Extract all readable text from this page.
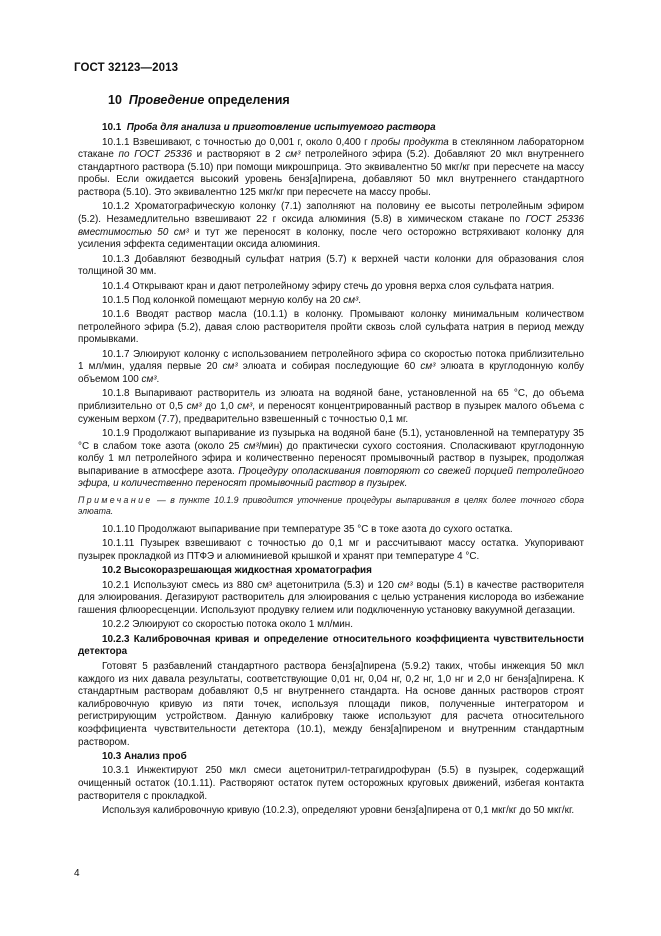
ГОСТ 32123—2013
10 Проведение определения
10.1 Проба для анализа и приготовление испытуемого раствора

10.1.1 Взвешивают, с точностью до 0,001 г, около 0,400 г пробы продукта в стеклянном лабораторном стакане по ГОСТ 25336 и растворяют в 2 см³ петролейного эфира (5.2). Добавляют 20 мкл внутреннего стандартного раствора (5.10) при помощи микрошприца. Это эквивалентно 50 мкг/кг при пересчете на массу пробы. Если ожидается высокий уровень бенз[а]пирена, добавляют 50 мкл внутреннего стандартного раствора (5.10). Это эквивалентно 125 мкг/кг при пересчете на массу пробы.

10.1.2 Хроматографическую колонку (7.1) заполняют на половину ее высоты петролейным эфиром (5.2). Незамедлительно взвешивают 22 г оксида алюминия (5.8) в химическом стакане по ГОСТ 25336 вместимостью 50 см³ и тут же переносят в колонку, после чего осторожно встряхивают колонку для усиления эффекта седиментации оксида алюминия.

10.1.3 Добавляют безводный сульфат натрия (5.7) к верхней части колонки для образования слоя толщиной 30 мм.

10.1.4 Открывают кран и дают петролейному эфиру стечь до уровня верха слоя сульфата натрия.

10.1.5 Под колонкой помещают мерную колбу на 20 см³.

10.1.6 Вводят раствор масла (10.1.1) в колонку. Промывают колонку минимальным количеством петролейного эфира (5.2), давая слою растворителя пройти сквозь слой сульфата натрия в период между промывками.

10.1.7 Элюируют колонку с использованием петролейного эфира со скоростью потока приблизительно 1 мл/мин, удаляя первые 20 см³ элюата и собирая последующие 60 см³ элюата в круглодонную колбу объемом 100 см³.

10.1.8 Выпаривают растворитель из элюата на водяной бане, установленной на 65 °С, до объема приблизительно от 0,5 см³ до 1,0 см³, и переносят концентрированный раствор в пузырек малого объема с суженым верхом (7.7), предварительно взвешенный с точностью 0,1 мг.

10.1.9 Продолжают выпаривание из пузырька на водяной бане (5.1), установленной на температуру 35 °С в слабом токе азота (около 25 см³/мин) до практически сухого состояния. Споласкивают круглодонную колбу 1 мл петролейного эфира и количественно переносят промывочный раствор в пузырек, продолжая выпаривание в атмосфере азота. Процедуру ополаскивания повторяют со свежей порцией петролейного эфира, и количественно переносят промывочный раствор в пузырек.

Примечание — в пункте 10.1.9 приводится уточнение процедуры выпаривания в целях более точного сбора элюата.

10.1.10 Продолжают выпаривание при температуре 35 °С в токе азота до сухого остатка.

10.1.11 Пузырек взвешивают с точностью до 0,1 мг и рассчитывают массу остатка. Укупоривают пузырек прокладкой из ПТФЭ и алюминиевой крышкой и хранят при температуре 4 °С.

10.2 Высокоразрешающая жидкостная хроматография

10.2.1 Используют смесь из 880 см³ ацетонитрила (5.3) и 120 см³ воды (5.1) в качестве растворителя для элюирования. Дегазируют растворитель для элюирования с целью устранения кислорода во избежание гашения флюоресценции. Используют продувку гелием или подключенную установку вакуумной дегазации.

10.2.2 Элюируют со скоростью потока около 1 мл/мин.

10.2.3 Калибровочная кривая и определение относительного коэффициента чувствительности детектора

Готовят 5 разбавлений стандартного раствора бенз[а]пирена (5.9.2) таких, чтобы инжекция 50 мкл каждого из них давала результаты, соответствующие 0,01 нг, 0,04 нг, 0,2 нг, 1,0 нг и 2,0 нг бенз[а]пирена. К стандартным растворам добавляют 0,5 нг внутреннего стандарта. На основе данных растворов строят калибровочную кривую из пяти точек, используя площади пиков, полученные интегратором и регистрирующим устройством. Данную калибровку также используют для расчета относительного коэффициента чувствительности детектора (10.1), между бенз[а]пиреном и внутренним стандартным раствором.

10.3 Анализ проб

10.3.1 Инжектируют 250 мкл смеси ацетонитрил-тетрагидрофуран (5.5) в пузырек, содержащий очищенный остаток (10.1.11). Растворяют остаток путем осторожных круговых движений, избегая контакта растворителя с прокладкой.

Используя калибровочную кривую (10.2.3), определяют уровни бенз[а]пирена от 0,1 мкг/кг до 50 мкг/кг.

4
